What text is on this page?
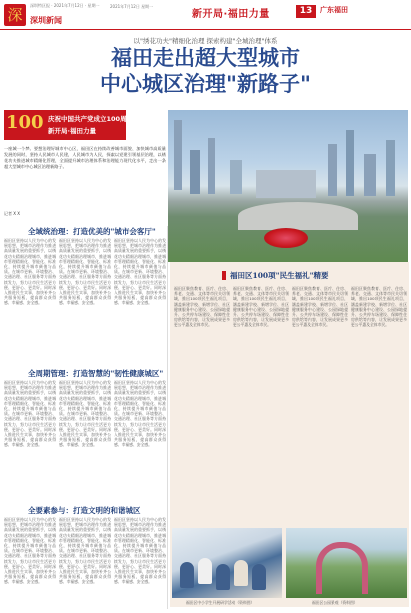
深
深圳特区报 · 2021年7月12日 · 星期一
深圳新闻
2021年7月12日 星期一
新开局·福田力量	13	广东福田
以"绣花功夫"精细化治理 探索构建"全城治理"体系
福田走出超大型城市
中心城区治理"新路子"
100 庆祝中国共产党成立100周年
新开局·福田力量
一座城一个梦。要想治理好城市中心区，福田区在持续改善城市面貌、加快城市高质量发展的同时，坚持人民城市人民建，人民城市为人民，探索以党建引领基层治理，以绣花功夫推进城市精细化管理，全面提升城市治理体系和治理能力现代化水平，走出一条超大型城市中心城区治理新路子。
记者 X X
全域统治理：打造优美的"城市会客厅"
福田区坚持以人民为中心的发展思想，把城市治理作为推进高质量发展的重要抓手，以绣花功夫精细治理城市，推进城市管理精细化、智能化、标准化，持续提升城市颜值与品质。在城市更新、环境整治、交通治理、社区服务等方面持续发力，努力让市民生活更方便、更舒心、更美好。同时深入推进民生实事，加快补齐公共服务短板，提高群众获得感、幸福感、安全感。
福田区坚持以人民为中心的发展思想，把城市治理作为推进高质量发展的重要抓手，以绣花功夫精细治理城市，推进城市管理精细化、智能化、标准化，持续提升城市颜值与品质。在城市更新、环境整治、交通治理、社区服务等方面持续发力，努力让市民生活更方便、更舒心、更美好。同时深入推进民生实事，加快补齐公共服务短板，提高群众获得感、幸福感、安全感。
福田区坚持以人民为中心的发展思想，把城市治理作为推进高质量发展的重要抓手，以绣花功夫精细治理城市，推进城市管理精细化、智能化、标准化，持续提升城市颜值与品质。在城市更新、环境整治、交通治理、社区服务等方面持续发力，努力让市民生活更方便、更舒心、更美好。同时深入推进民生实事，加快补齐公共服务短板，提高群众获得感、幸福感、安全感。
全周期管理：打造智慧的"韧性健康城区"
福田区坚持以人民为中心的发展思想，把城市治理作为推进高质量发展的重要抓手，以绣花功夫精细治理城市，推进城市管理精细化、智能化、标准化，持续提升城市颜值与品质。在城市更新、环境整治、交通治理、社区服务等方面持续发力，努力让市民生活更方便、更舒心、更美好。同时深入推进民生实事，加快补齐公共服务短板，提高群众获得感、幸福感、安全感。
福田区坚持以人民为中心的发展思想，把城市治理作为推进高质量发展的重要抓手，以绣花功夫精细治理城市，推进城市管理精细化、智能化、标准化，持续提升城市颜值与品质。在城市更新、环境整治、交通治理、社区服务等方面持续发力，努力让市民生活更方便、更舒心、更美好。同时深入推进民生实事，加快补齐公共服务短板，提高群众获得感、幸福感、安全感。
福田区坚持以人民为中心的发展思想，把城市治理作为推进高质量发展的重要抓手，以绣花功夫精细治理城市，推进城市管理精细化、智能化、标准化，持续提升城市颜值与品质。在城市更新、环境整治、交通治理、社区服务等方面持续发力，努力让市民生活更方便、更舒心、更美好。同时深入推进民生实事，加快补齐公共服务短板，提高群众获得感、幸福感、安全感。
全要素参与：打造文明的和谐城区
福田区坚持以人民为中心的发展思想，把城市治理作为推进高质量发展的重要抓手，以绣花功夫精细治理城市，推进城市管理精细化、智能化、标准化，持续提升城市颜值与品质。在城市更新、环境整治、交通治理、社区服务等方面持续发力，努力让市民生活更方便、更舒心、更美好。同时深入推进民生实事，加快补齐公共服务短板，提高群众获得感、幸福感、安全感。
福田区坚持以人民为中心的发展思想，把城市治理作为推进高质量发展的重要抓手，以绣花功夫精细治理城市，推进城市管理精细化、智能化、标准化，持续提升城市颜值与品质。在城市更新、环境整治、交通治理、社区服务等方面持续发力，努力让市民生活更方便、更舒心、更美好。同时深入推进民生实事，加快补齐公共服务短板，提高群众获得感、幸福感、安全感。
福田区坚持以人民为中心的发展思想，把城市治理作为推进高质量发展的重要抓手，以绣花功夫精细治理城市，推进城市管理精细化、智能化、标准化，持续提升城市颜值与品质。在城市更新、环境整治、交通治理、社区服务等方面持续发力，努力让市民生活更方便、更舒心、更美好。同时深入推进民生实事，加快补齐公共服务短板，提高群众获得感、幸福感、安全感。
福田区100项"民生福礼"精要
福田区聚焦教育、医疗、住房、养老、交通、文体等市民关切领域，推出100项民生福礼项目，涵盖新建学校、新增学位、社区健康服务中心建设、公园绿地提升、公共停车场建设、保障性住房供给等内容，让发展成果更多更公平惠及全体市民。
福田区聚焦教育、医疗、住房、养老、交通、文体等市民关切领域，推出100项民生福礼项目，涵盖新建学校、新增学位、社区健康服务中心建设、公园绿地提升、公共停车场建设、保障性住房供给等内容，让发展成果更多更公平惠及全体市民。
福田区聚焦教育、医疗、住房、养老、交通、文体等市民关切领域，推出100项民生福礼项目，涵盖新建学校、新增学位、社区健康服务中心建设、公园绿地提升、公共停车场建设、保障性住房供给等内容，让发展成果更多更公平惠及全体市民。
福田区聚焦教育、医疗、住房、养老、交通、文体等市民关切领域，推出100项民生福礼项目，涵盖新建学校、新增学位、社区健康服务中心建设、公园绿地提升、公共停车场建设、保障性住房供给等内容，让发展成果更多更公平惠及全体市民。
福田区中小学生开展研学活动（资料图）	福田区公园景观（资料图）
